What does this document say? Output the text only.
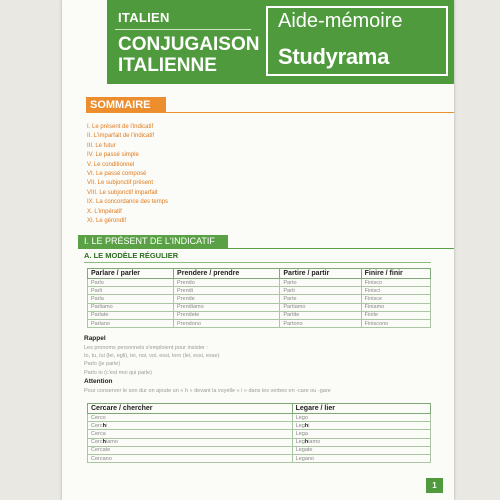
ITALIEN
CONJUGAISON
ITALIENNE
Aide-mémoire
Studyrama
SOMMAIRE
I. Le présent de l'indicatif
II. L'imparfait de l'indicatif
III. Le futur
IV. Le passé simple
V. Le conditionnel
VI. Le passé composé
VII. Le subjonctif présent
VIII. Le subjonctif imparfait
IX. La concordance des temps
X. L'impératif
XI. Le gérondif
I. LE PRÉSENT DE L'INDICATIF
A. LE MODÈLE RÉGULIER
Parlare / parler	Prendere / prendre	Partire / partir	Finire / finir
Parlo	Prendo	Parto	Finisco
Parli	Prendi	Parti	Finisci
Parla	Prende	Parte	Finisce
Parliamo	Prendiamo	Partiamo	Finiamo
Parlate	Prendete	Partite	Finite
Parlano	Prendono	Partono	Finiscono
Rappel
Les pronoms personnels s'emploient pour insister :
Io, tu, lui (lei, egli), lei, noi, voi, essi, loro (lei, essi, esse)
Parlo (je parle)
Parlo io (c'est moi qui parle)
Attention
Pour conserver le son dur on ajoute un « h » devant la voyelle « i » dans les verbes en -care ou -gare
Cercare / chercher	Legare / lier
Cerco	Lego
Cerchi	Leghi
Cerca	Lega
Cerchiamo	Leghiamo
Cercate	Legate
Cercano	Legano
1
